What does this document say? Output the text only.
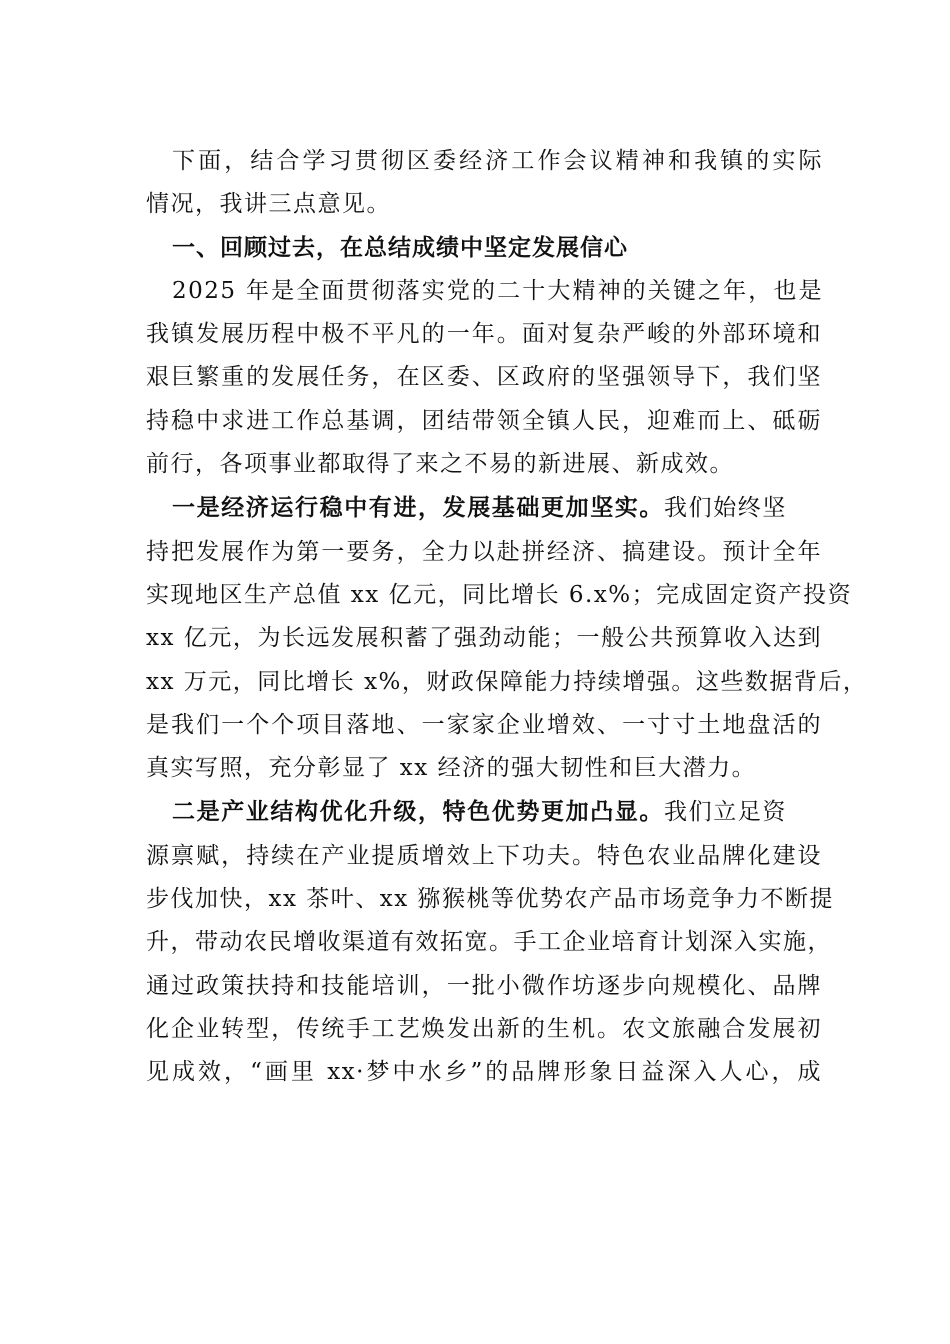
下面，结合学习贯彻区委经济工作会议精神和我镇的实际
情况，我讲三点意见。
一、回顾过去，在总结成绩中坚定发展信心
2025 年是全面贯彻落实党的二十大精神的关键之年，也是
我镇发展历程中极不平凡的一年。面对复杂严峻的外部环境和
艰巨繁重的发展任务，在区委、区政府的坚强领导下，我们坚
持稳中求进工作总基调，团结带领全镇人民，迎难而上、砥砺
前行，各项事业都取得了来之不易的新进展、新成效。
一是经济运行稳中有进，发展基础更加坚实。我们始终坚
持把发展作为第一要务，全力以赴拼经济、搞建设。预计全年
实现地区生产总值 xx 亿元，同比增长 6.x%；完成固定资产投资
xx 亿元，为长远发展积蓄了强劲动能；一般公共预算收入达到
xx 万元，同比增长 x%，财政保障能力持续增强。这些数据背后，
是我们一个个项目落地、一家家企业增效、一寸寸土地盘活的
真实写照，充分彰显了 xx 经济的强大韧性和巨大潜力。
二是产业结构优化升级，特色优势更加凸显。我们立足资
源禀赋，持续在产业提质增效上下功夫。特色农业品牌化建设
步伐加快，xx 茶叶、xx 猕猴桃等优势农产品市场竞争力不断提
升，带动农民增收渠道有效拓宽。手工企业培育计划深入实施，
通过政策扶持和技能培训，一批小微作坊逐步向规模化、品牌
化企业转型，传统手工艺焕发出新的生机。农文旅融合发展初
见成效，“画里 xx·梦中水乡”的品牌形象日益深入人心，成
